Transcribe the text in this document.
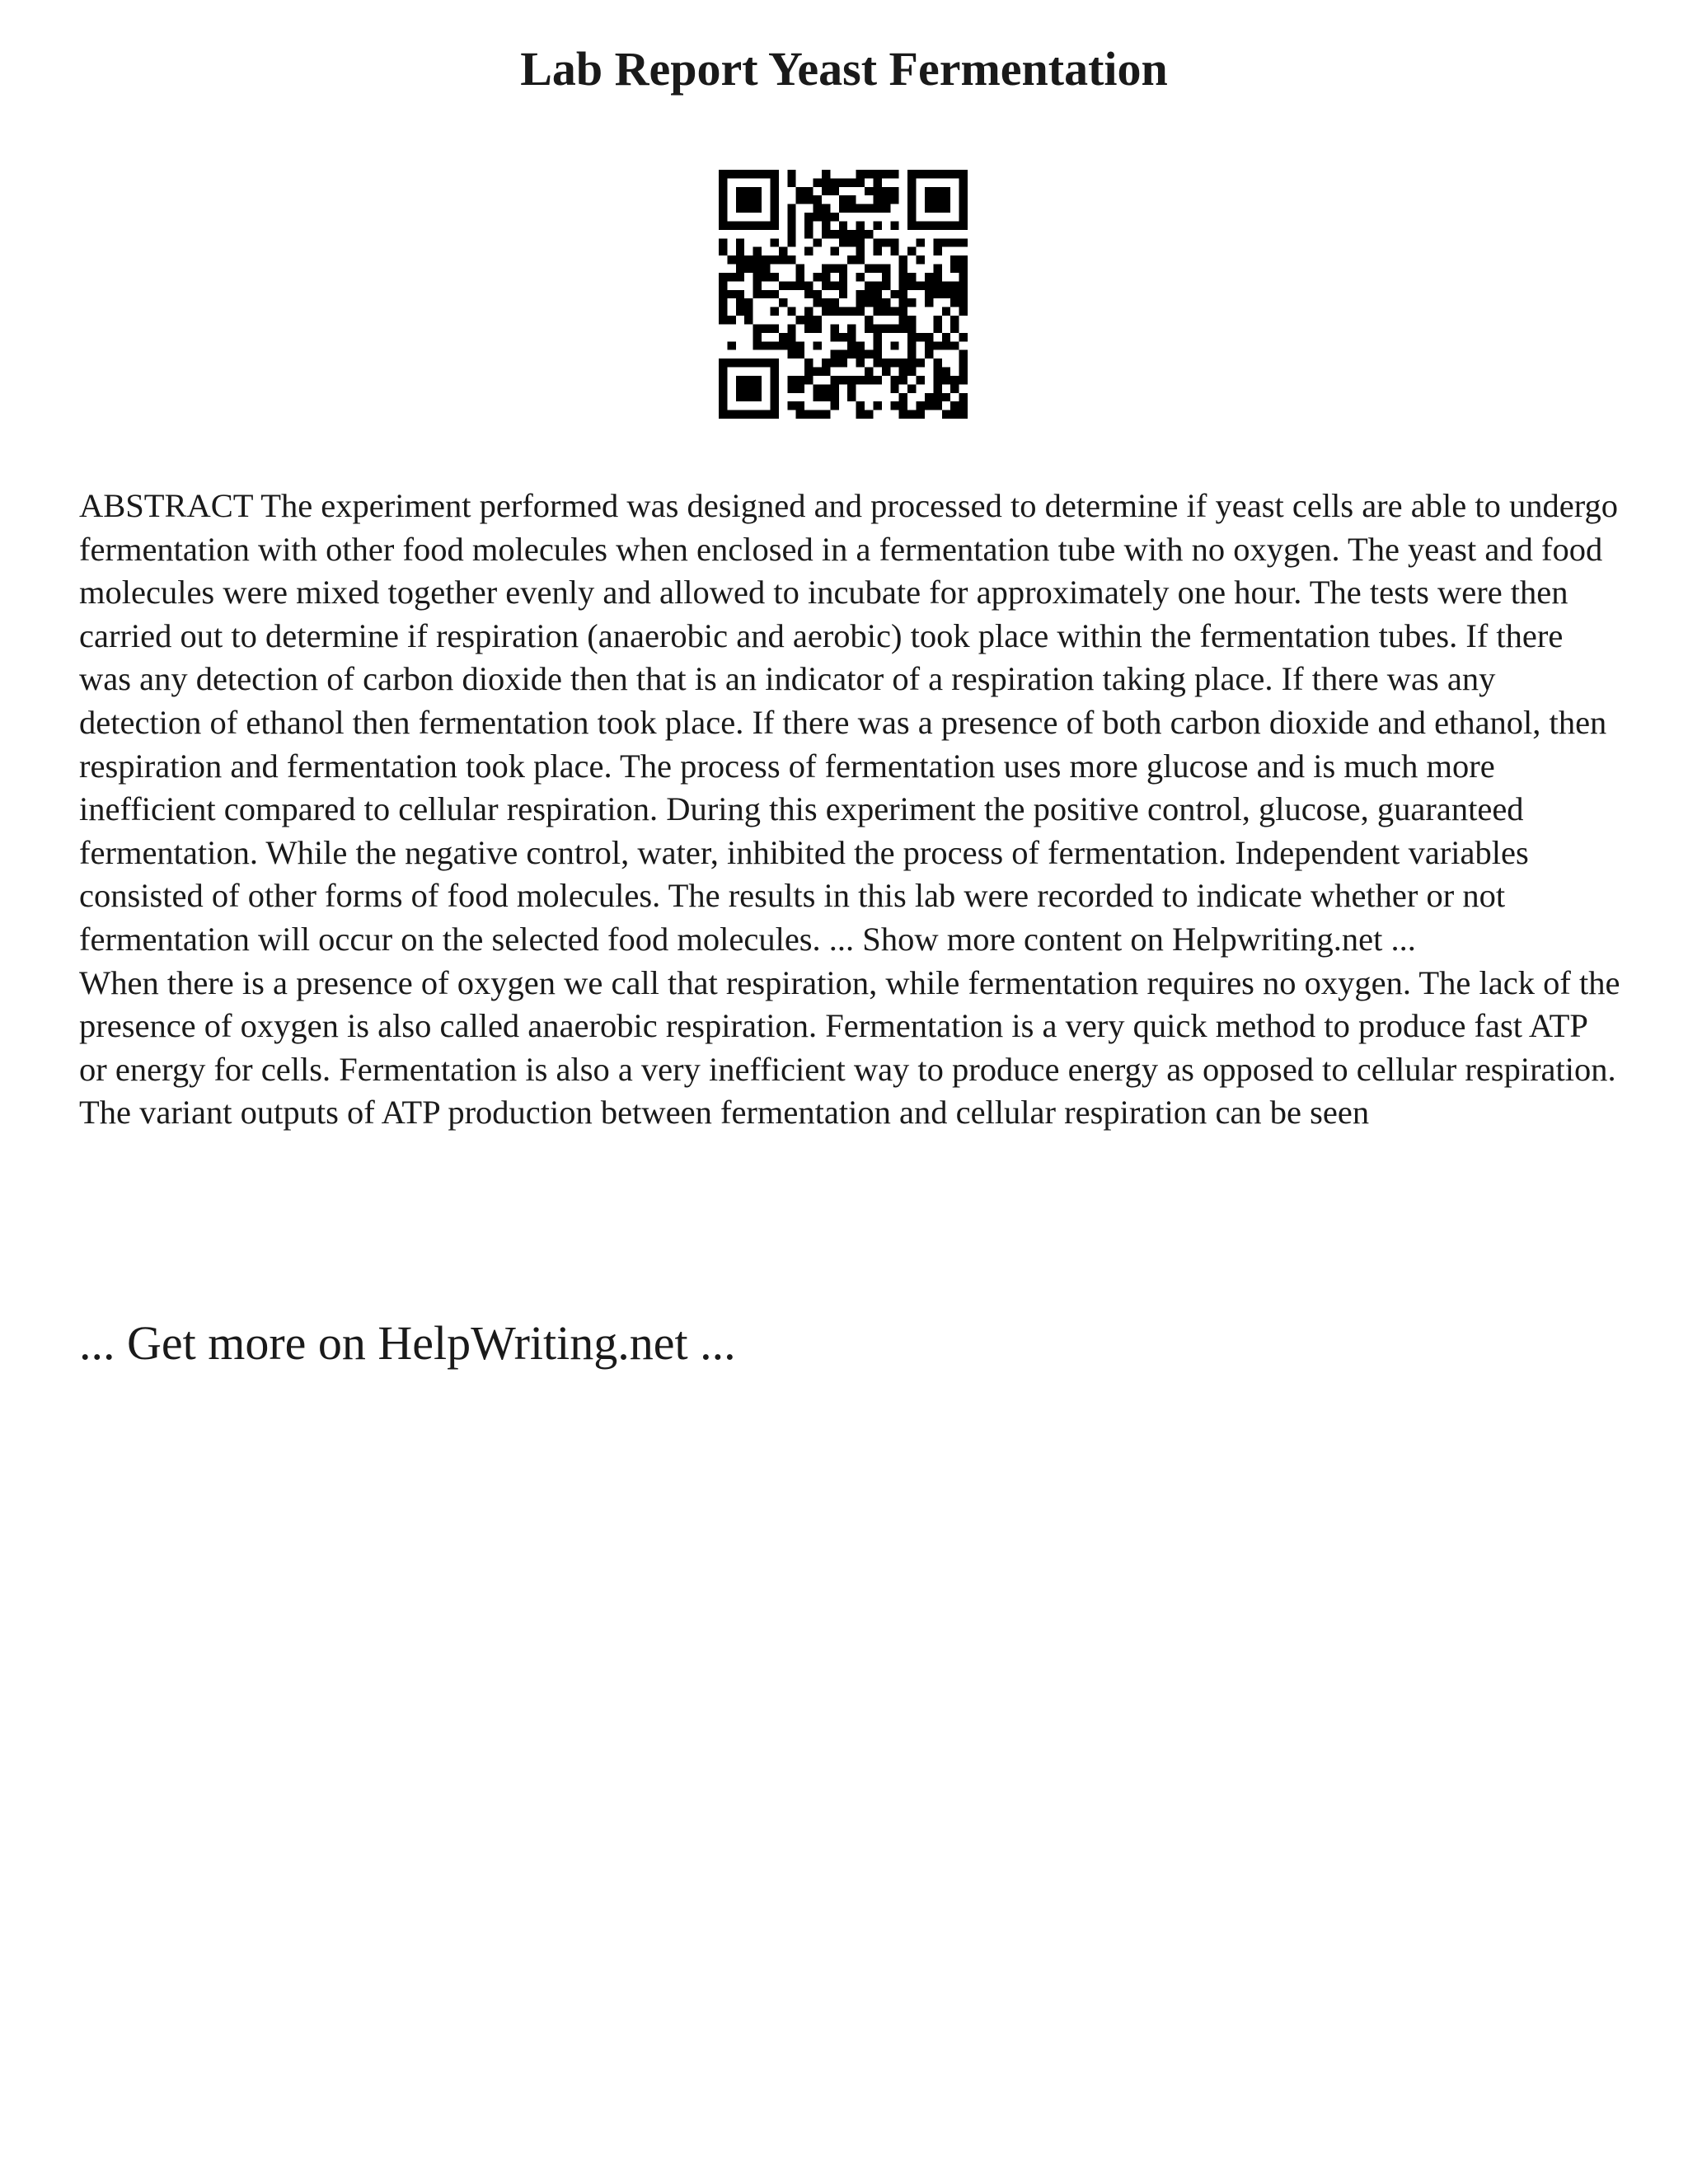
Lab Report Yeast Fermentation

ABSTRACT The experiment performed was designed and processed to determine if yeast cells are able to undergo fermentation with other food molecules when enclosed in a fermentation tube with no oxygen. The yeast and food molecules were mixed together evenly and allowed to incubate for approximately one hour. The tests were then carried out to determine if respiration (anaerobic and aerobic) took place within the fermentation tubes. If there was any detection of carbon dioxide then that is an indicator of a respiration taking place. If there was any detection of ethanol then fermentation took place. If there was a presence of both carbon dioxide and ethanol, then respiration and fermentation took place. The process of fermentation uses more glucose and is much more inefficient compared to cellular respiration. During this experiment the positive control, glucose, guaranteed fermentation. While the negative control, water, inhibited the process of fermentation. Independent variables consisted of other forms of food molecules. The results in this lab were recorded to indicate whether or not fermentation will occur on the selected food molecules. ... Show more content on Helpwriting.net ...

When there is a presence of oxygen we call that respiration, while fermentation requires no oxygen. The lack of the presence of oxygen is also called anaerobic respiration. Fermentation is a very quick method to produce fast ATP or energy for cells. Fermentation is also a very inefficient way to produce energy as opposed to cellular respiration. The variant outputs of ATP production between fermentation and cellular respiration can be seen

... Get more on HelpWriting.net ...
